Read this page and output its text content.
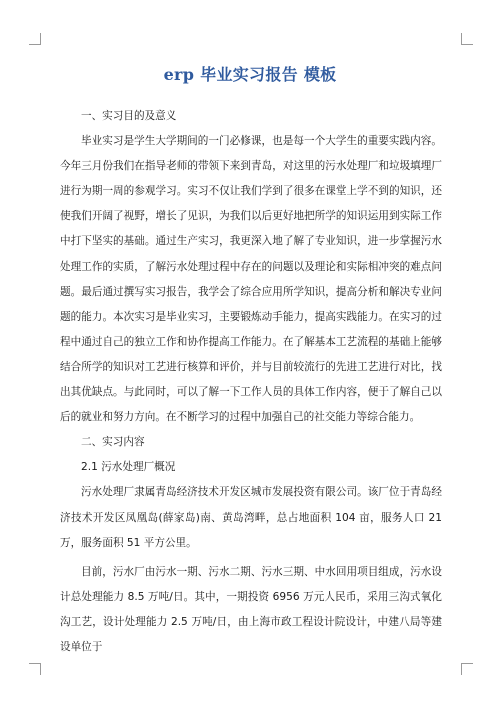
erp 毕业实习报告 模板

一、实习目的及意义

毕业实习是学生大学期间的一门必修课，也是每一个大学生的重要实践内容。今年三月份我们在指导老师的带领下来到青岛，对这里的污水处理厂和垃圾填埋厂进行为期一周的参观学习。实习不仅让我们学到了很多在课堂上学不到的知识，还使我们开阔了视野，增长了见识，为我们以后更好地把所学的知识运用到实际工作中打下坚实的基础。通过生产实习，我更深入地了解了专业知识，进一步掌握污水处理工作的实质，了解污水处理过程中存在的问题以及理论和实际相冲突的难点问题。最后通过撰写实习报告，我学会了综合应用所学知识，提高分析和解决专业问题的能力。本次实习是毕业实习，主要锻炼动手能力，提高实践能力。在实习的过程中通过自己的独立工作和协作提高工作能力。在了解基本工艺流程的基础上能够结合所学的知识对工艺进行核算和评价，并与目前较流行的先进工艺进行对比，找出其优缺点。与此同时，可以了解一下工作人员的具体工作内容，便于了解自己以后的就业和努力方向。在不断学习的过程中加强自己的社交能力等综合能力。

二、实习内容

2.1 污水处理厂概况

污水处理厂隶属青岛经济技术开发区城市发展投资有限公司。该厂位于青岛经济技术开发区凤凰岛(薛家岛)南、黄岛湾畔，总占地面积 104 亩，服务人口 21 万，服务面积 51 平方公里。

目前，污水厂由污水一期、污水二期、污水三期、中水回用项目组成，污水设计总处理能力 8.5 万吨/日。其中，一期投资 6956 万元人民币，采用三沟式氧化沟工艺，设计处理能力 2.5 万吨/日，由上海市政工程设计院设计，中建八局等建设单位于
